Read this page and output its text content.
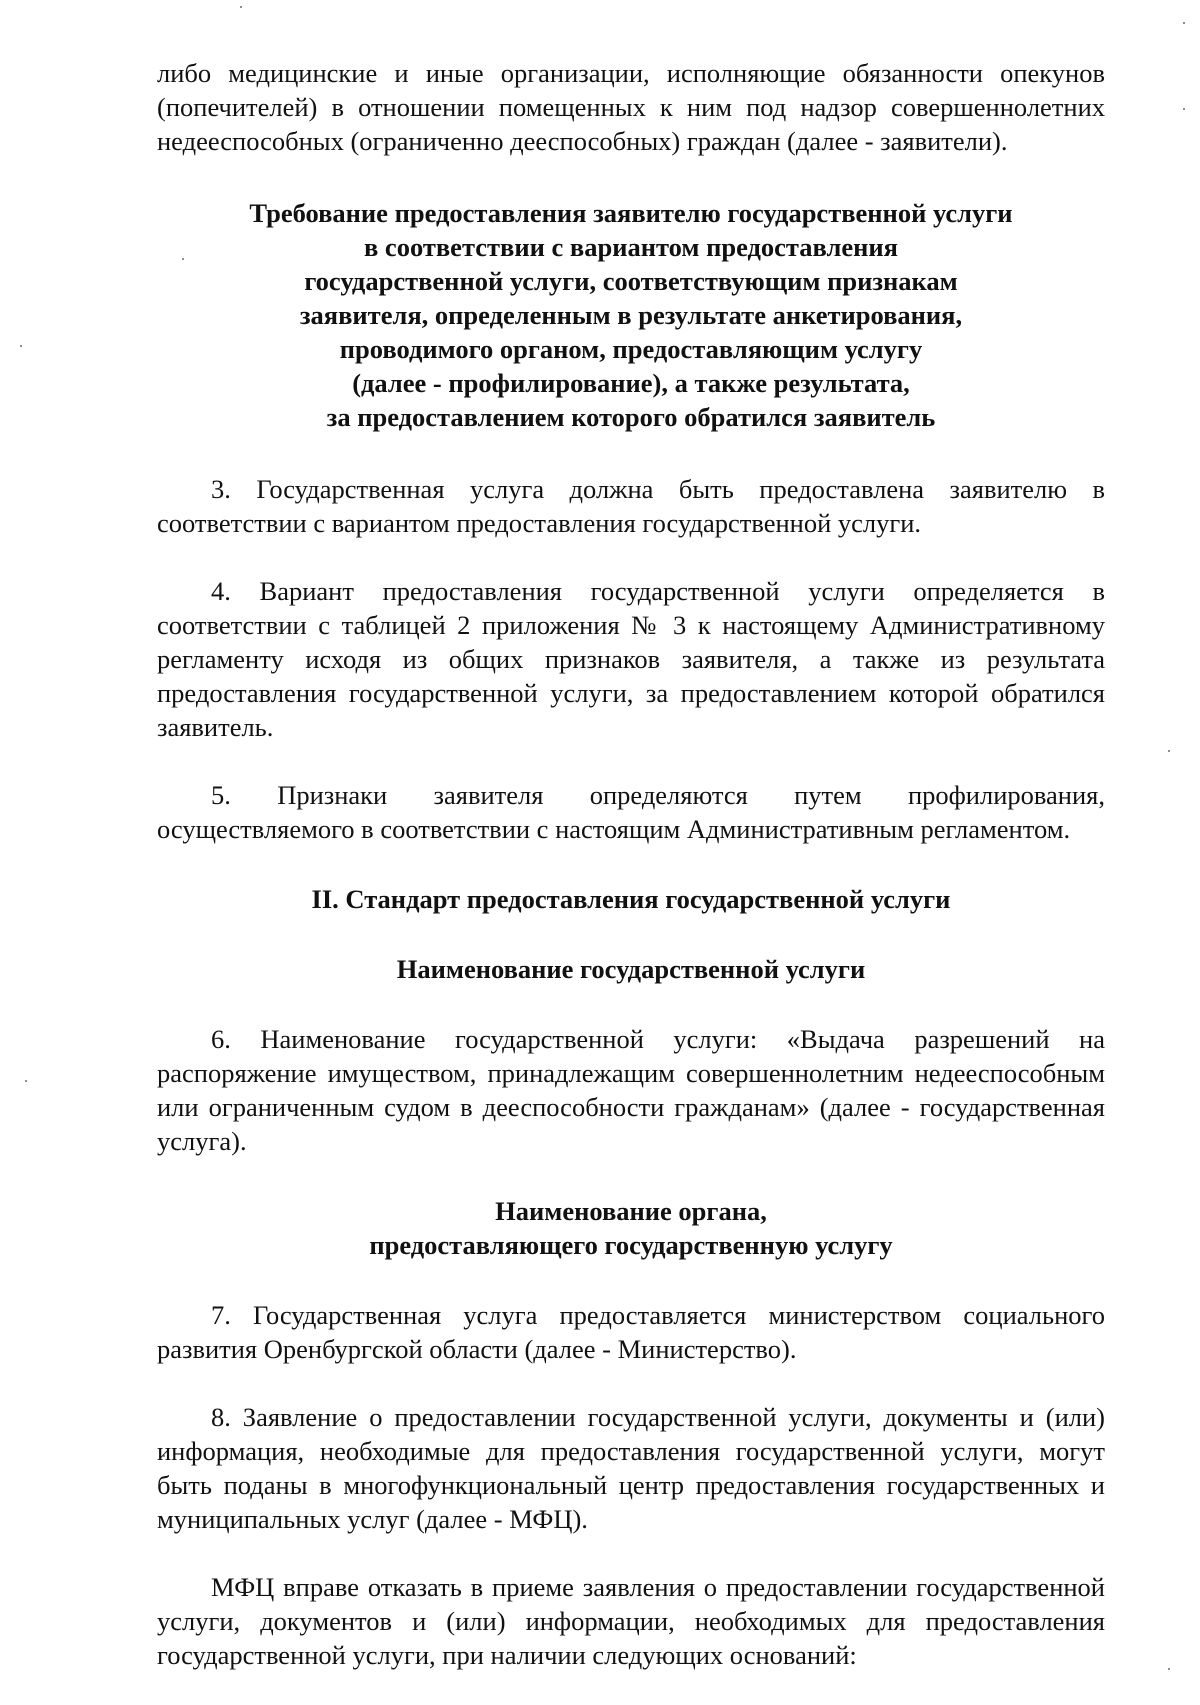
либо медицинские и иные организации, исполняющие обязанности опекунов (попечителей) в отношении помещенных к ним под надзор совершеннолетних недееспособных (ограниченно дееспособных) граждан (далее - заявители).

Требование предоставления заявителю государственной услуги
в соответствии с вариантом предоставления
государственной услуги, соответствующим признакам
заявителя, определенным в результате анкетирования,
проводимого органом, предоставляющим услугу
(далее - профилирование), а также результата,
за предоставлением которого обратился заявитель

3. Государственная услуга должна быть предоставлена заявителю в соответствии с вариантом предоставления государственной услуги.

4. Вариант предоставления государственной услуги определяется в соответствии с таблицей 2 приложения № 3 к настоящему Административному регламенту исходя из общих признаков заявителя, а также из результата предоставления государственной услуги, за предоставлением которой обратился заявитель.

5. Признаки заявителя определяются путем профилирования, осуществляемого в соответствии с настоящим Административным регламентом.

II. Стандарт предоставления государственной услуги

Наименование государственной услуги

6. Наименование государственной услуги: «Выдача разрешений на распоряжение имуществом, принадлежащим совершеннолетним недееспособным или ограниченным судом в дееспособности гражданам» (далее - государственная услуга).

Наименование органа,
предоставляющего государственную услугу

7. Государственная услуга предоставляется министерством социального развития Оренбургской области (далее - Министерство).

8. Заявление о предоставлении государственной услуги, документы и (или) информация, необходимые для предоставления государственной услуги, могут быть поданы в многофункциональный центр предоставления государственных и муниципальных услуг (далее - МФЦ).

МФЦ вправе отказать в приеме заявления о предоставлении государственной услуги, документов и (или) информации, необходимых для предоставления государственной услуги, при наличии следующих оснований:
